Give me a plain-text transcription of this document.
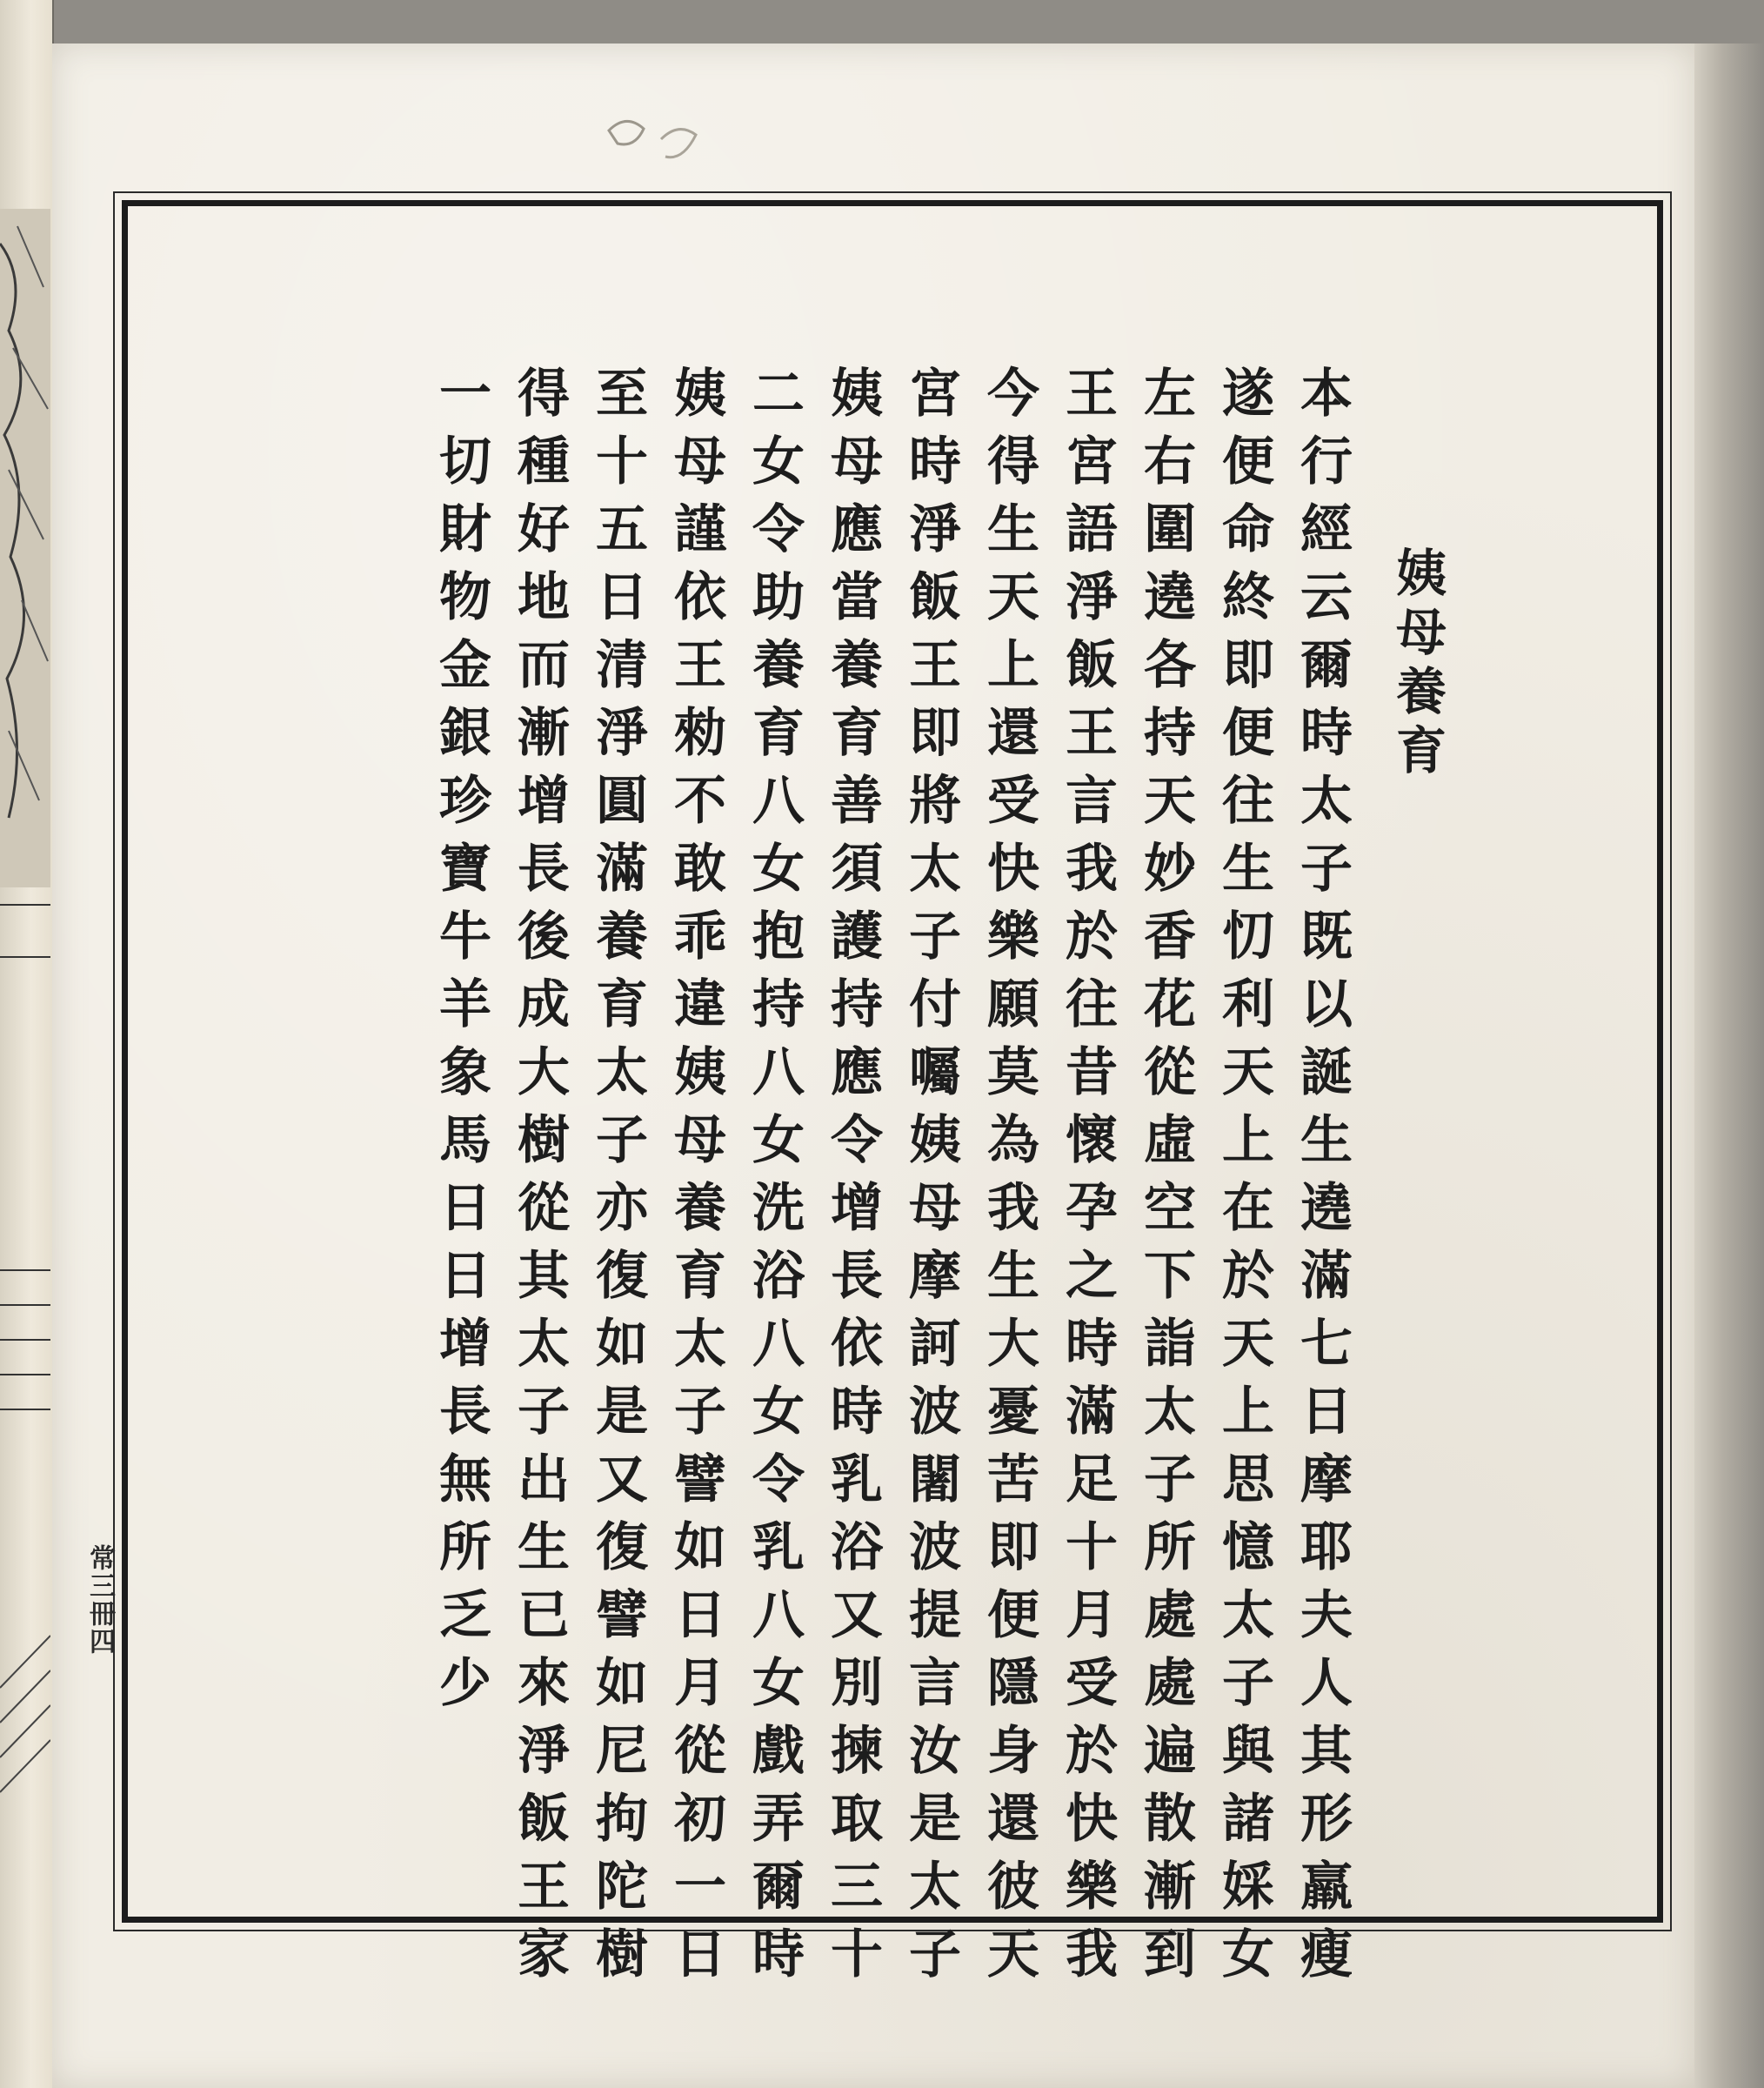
姨母養育
本行經云爾時太子既以誕生遶滿七日摩耶夫人其形羸瘦
遂便命終即便往生忉利天上在於天上思憶太子與諸婇女
左右圍遶各持天妙香花從虛空下詣太子所處處遍散漸到
王宮語淨飯王言我於往昔懷孕之時滿足十月受於快樂我
今得生天上還受快樂願莫為我生大憂苦即便隱身還彼天
宮時淨飯王即將太子付囑姨母摩訶波闍波提言汝是太子
姨母應當養育善須護持應令增長依時乳浴又別揀取三十
二女令助養育八女抱持八女洗浴八女令乳八女戲弄爾時
姨母謹依王勑不敢乖違姨母養育太子譬如日月從初一日
至十五日清淨圓滿養育太子亦復如是又復譬如尼拘陀樹
得種好地而漸增長後成大樹從其太子出生已來淨飯王家
一切財物金銀珍寶牛羊象馬日日增長無所乏少
常三冊四
